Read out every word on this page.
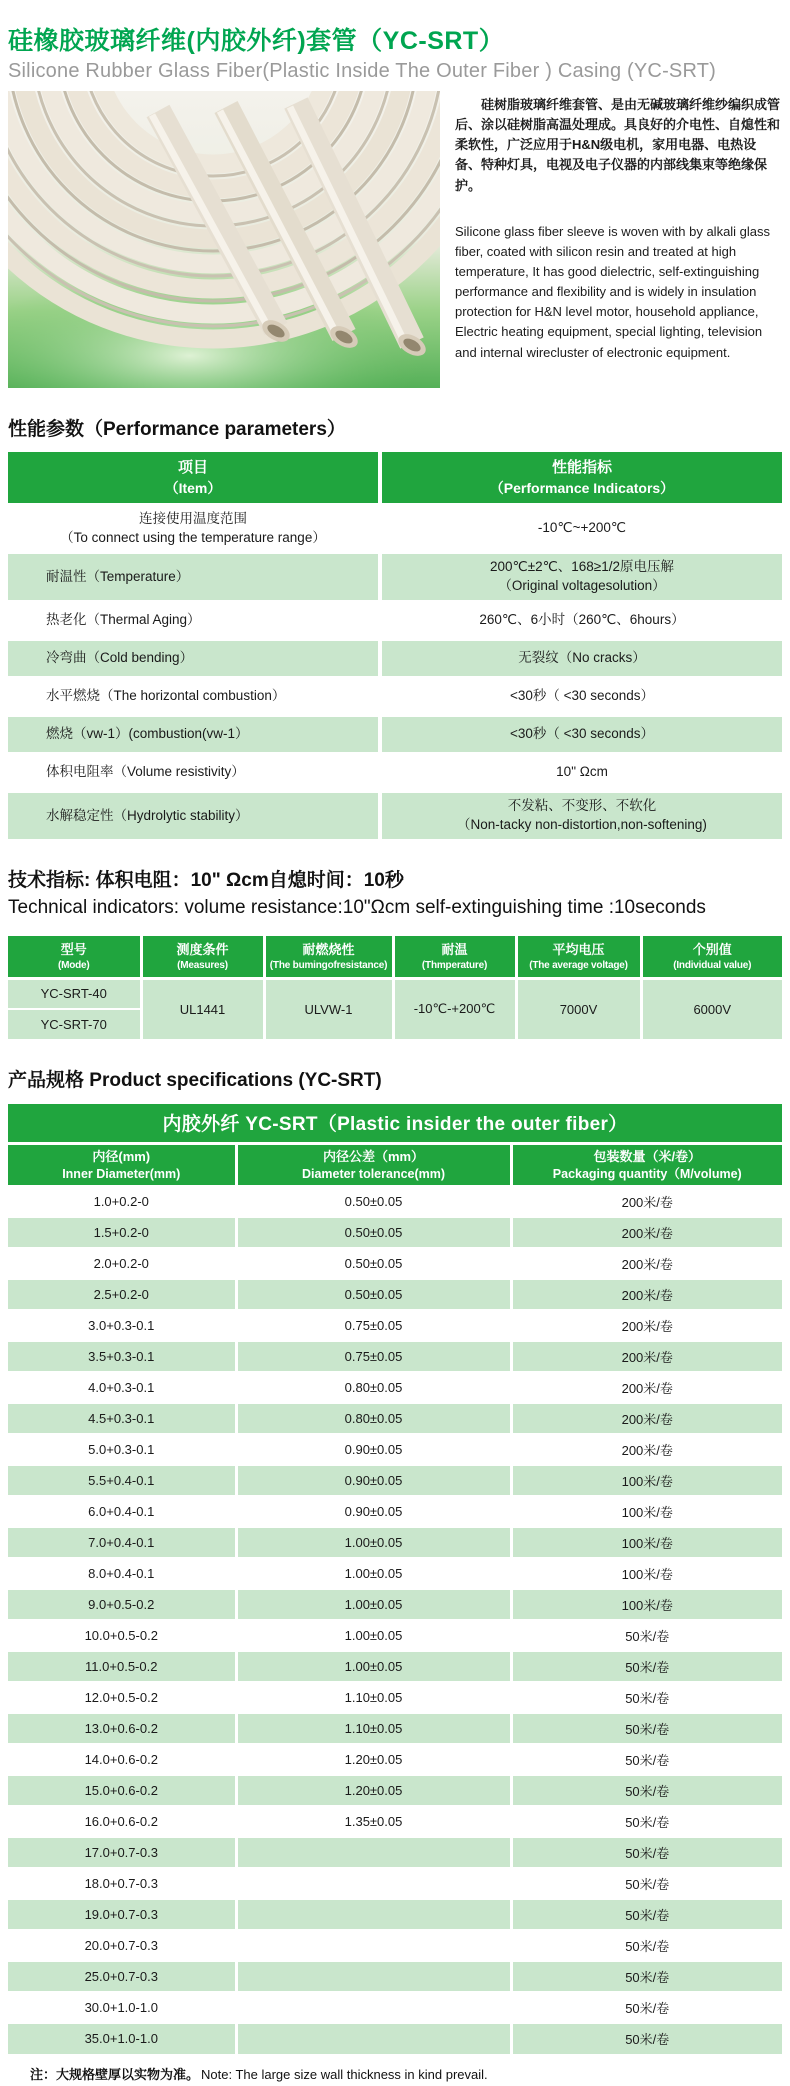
硅橡胶玻璃纤维(内胶外纤)套管（YC-SRT）
Silicone Rubber Glass Fiber(Plastic Inside The Outer Fiber ) Casing (YC-SRT)

硅树脂玻璃纤维套管、是由无碱玻璃纤维纱编织成管后、涂以硅树脂高温处理成。具良好的介电性、自熄性和柔软性，广泛应用于H&N级电机，家用电器、电热设备、特种灯具，电视及电子仪器的内部线集束等绝缘保护。

Silicone glass fiber sleeve is woven with by alkali glass fiber, coated with silicon resin and treated at high temperature, It has good dielectric, self-extinguishing performance and flexibility and is widely in insulation protection for H&N level motor, household appliance, Electric heating equipment, special lighting, television and internal wirecluster of electronic equipment.

性能参数（Performance parameters）
项目
（Item）

性能指标
（Performance Indicators）

连接使用温度范围
（To connect using the temperature range）	-10℃~+200℃

耐温性（Temperature）	200℃±2℃、168≥1/2原电压解
（Original voltagesolution）

热老化（Thermal Aging）	260℃、6小时（260℃、6hours）

冷弯曲（Cold bending）	无裂纹（No cracks）

水平燃烧（The horizontal combustion）	<30秒（ <30 seconds）

燃烧（vw-1）(combustion(vw-1）	<30秒（ <30 seconds）

体积电阻率（Volume resistivity）	10" Ωcm

水解稳定性（Hydrolytic stability）	不发粘、不变形、不软化
（Non-tacky non-distortion,non-softening)
技术指标: 体积电阻：10" Ωcm自熄时间：10秒
Technical indicators: volume resistance:10"Ωcm self-extinguishing time :10seconds
型号
(Mode)

测度条件
(Measures)

耐燃烧性
(The bumingofresistance)

耐温
(Thmperature)

平均电压
(The average voltage)

个别值
(Individual value)

YC-SRT-40	UL1441	ULVW-1	-10℃-+200℃	7000V	6000V
YC-SRT-70					
产品规格 Product specifications (YC-SRT)
内胶外纤 YC-SRT（Plastic insider the outer fiber）		

内径(mm)
Inner Diameter(mm)

内径公差（mm）
Diameter tolerance(mm)

包装数量（米/卷）
Packaging quantity（M/volume)

1.0+0.2-0	0.50±0.05	200米/卷
1.5+0.2-0	0.50±0.05	200米/卷
2.0+0.2-0	0.50±0.05	200米/卷
2.5+0.2-0	0.50±0.05	200米/卷
3.0+0.3-0.1	0.75±0.05	200米/卷
3.5+0.3-0.1	0.75±0.05	200米/卷
4.0+0.3-0.1	0.80±0.05	200米/卷
4.5+0.3-0.1	0.80±0.05	200米/卷
5.0+0.3-0.1	0.90±0.05	200米/卷
5.5+0.4-0.1	0.90±0.05	100米/卷
6.0+0.4-0.1	0.90±0.05	100米/卷
7.0+0.4-0.1	1.00±0.05	100米/卷
8.0+0.4-0.1	1.00±0.05	100米/卷
9.0+0.5-0.2	1.00±0.05	100米/卷
10.0+0.5-0.2	1.00±0.05	50米/卷
11.0+0.5-0.2	1.00±0.05	50米/卷
12.0+0.5-0.2	1.10±0.05	50米/卷
13.0+0.6-0.2	1.10±0.05	50米/卷
14.0+0.6-0.2	1.20±0.05	50米/卷
15.0+0.6-0.2	1.20±0.05	50米/卷
16.0+0.6-0.2	1.35±0.05	50米/卷
17.0+0.7-0.3		50米/卷
18.0+0.7-0.3		50米/卷
19.0+0.7-0.3		50米/卷
20.0+0.7-0.3		50米/卷
25.0+0.7-0.3		50米/卷
30.0+1.0-1.0		50米/卷
35.0+1.0-1.0		50米/卷
注：大规格壁厚以实物为准。 Note: The large size wall thickness in kind prevail.
